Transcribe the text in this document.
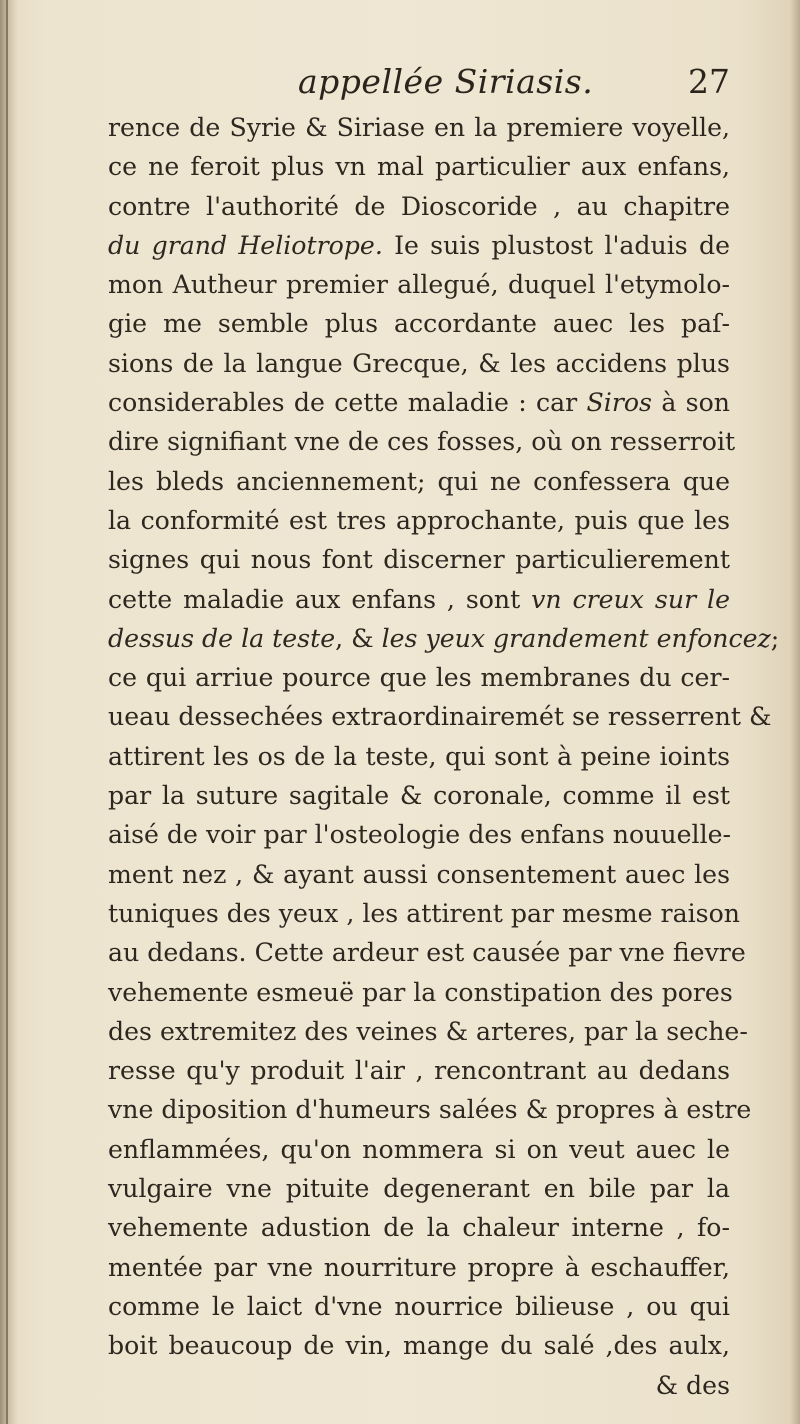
appellée Siriasis.	27
rence de Syrie & Siriase en la premiere voyelle,
ce ne feroit plus vn mal particulier aux enfans,
contre l'authorité de Dioscoride , au chapitre
du grand Heliotrope. Ie suis plustost l'aduis de
mon Autheur premier allegué, duquel l'etymolo-
gie me semble plus accordante auec les paſ-
sions de la langue Grecque, & les accidens plus
considerables de cette maladie : car Siros à son
dire signifiant vne de ces fosses, où on resserroit
les bleds anciennement; qui ne confessera que
la conformité est tres approchante, puis que les
signes qui nous font discerner particulierement
cette maladie aux enfans , sont vn creux sur le
dessus de la teste, & les yeux grandement enfoncez;
ce qui arriue pource que les membranes du cer-
ueau dessechées extraordinairemét se resserrent &
attirent les os de la teste, qui sont à peine ioints
par la suture sagitale & coronale, comme il est
aisé de voir par l'osteologie des enfans nouuelle-
ment nez , & ayant aussi consentement auec les
tuniques des yeux , les attirent par mesme raison
au dedans. Cette ardeur est causée par vne fievre
vehemente esmeuë par la constipation des pores
des extremitez des veines & arteres, par la seche-
resse qu'y produit l'air , rencontrant au dedans
vne diposition d'humeurs salées & propres à estre
enflammées, qu'on nommera si on veut auec le
vulgaire vne pituite degenerant en bile par la
vehemente adustion de la chaleur interne , fo-
mentée par vne nourriture propre à eschauffer,
comme le laict d'vne nourrice bilieuse , ou qui
boit beaucoup de vin, mange du salé ,des aulx,
& des
